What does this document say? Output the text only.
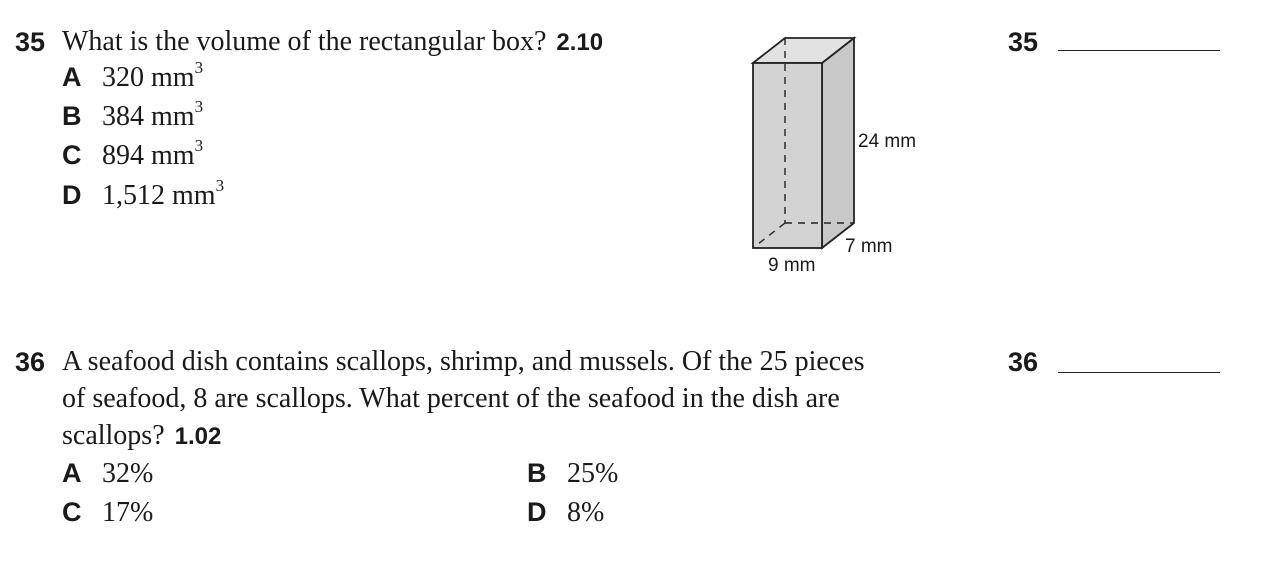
35 What is the volume of the rectangular box? 2.10
A 320 $mm^3$
B 384 $mm^3$
C 894 $mm^3$
D 1,512 $mm^3$
24 mm
7 mm
9 mm
35
36 A seafood dish contains scallops, shrimp, and mussels. Of the 25 pieces
of seafood, 8 are scallops. What percent of the seafood in the dish are
scallops? 1.02
A 32%	B 25%
C 17%	D 8%
36
